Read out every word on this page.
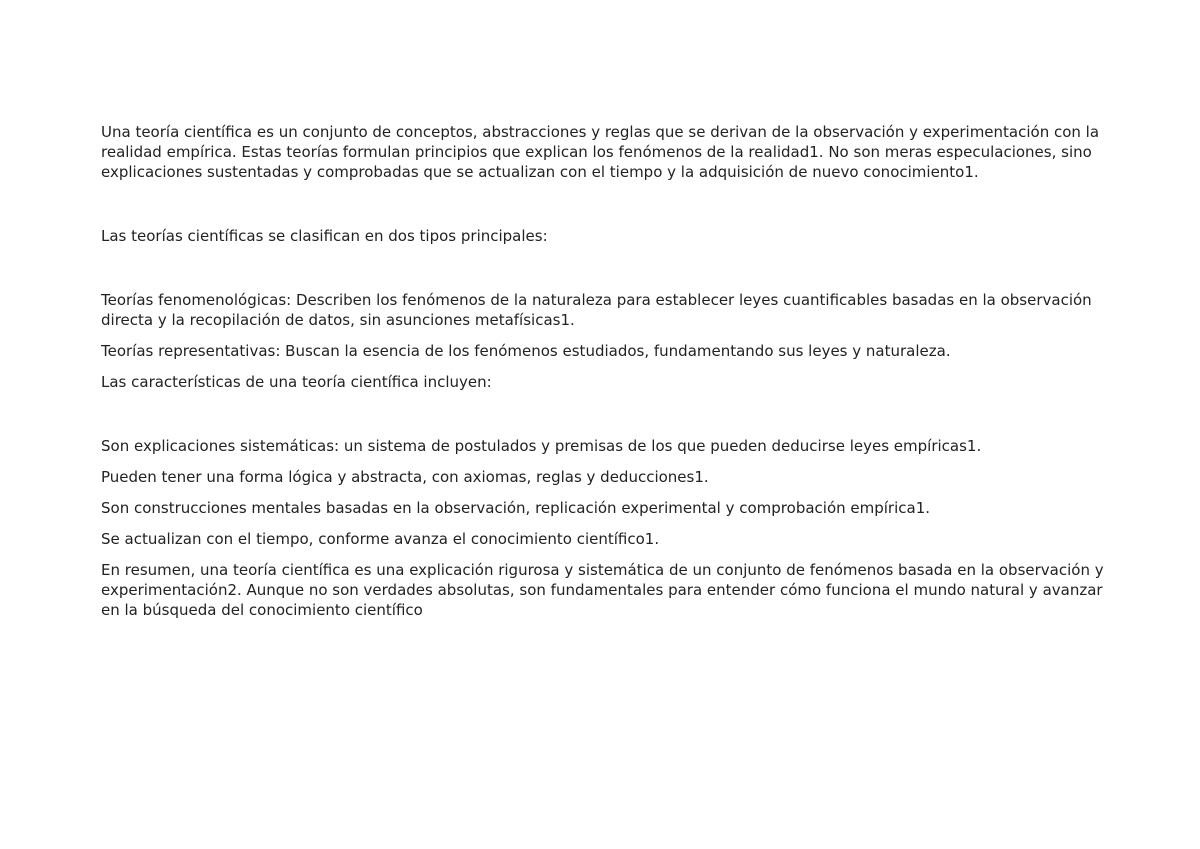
Una teoría científica es un conjunto de conceptos, abstracciones y reglas que se derivan de la observación y experimentación con la realidad empírica. Estas teorías formulan principios que explican los fenómenos de la realidad1. No son meras especulaciones, sino explicaciones sustentadas y comprobadas que se actualizan con el tiempo y la adquisición de nuevo conocimiento1.

Las teorías científicas se clasifican en dos tipos principales:

Teorías fenomenológicas: Describen los fenómenos de la naturaleza para establecer leyes cuantificables basadas en la observación directa y la recopilación de datos, sin asunciones metafísicas1.

Teorías representativas: Buscan la esencia de los fenómenos estudiados, fundamentando sus leyes y naturaleza.

Las características de una teoría científica incluyen:

Son explicaciones sistemáticas: un sistema de postulados y premisas de los que pueden deducirse leyes empíricas1.

Pueden tener una forma lógica y abstracta, con axiomas, reglas y deducciones1.

Son construcciones mentales basadas en la observación, replicación experimental y comprobación empírica1.

Se actualizan con el tiempo, conforme avanza el conocimiento científico1.

En resumen, una teoría científica es una explicación rigurosa y sistemática de un conjunto de fenómenos basada en la observación y experimentación2. Aunque no son verdades absolutas, son fundamentales para entender cómo funciona el mundo natural y avanzar en la búsqueda del conocimiento científico
